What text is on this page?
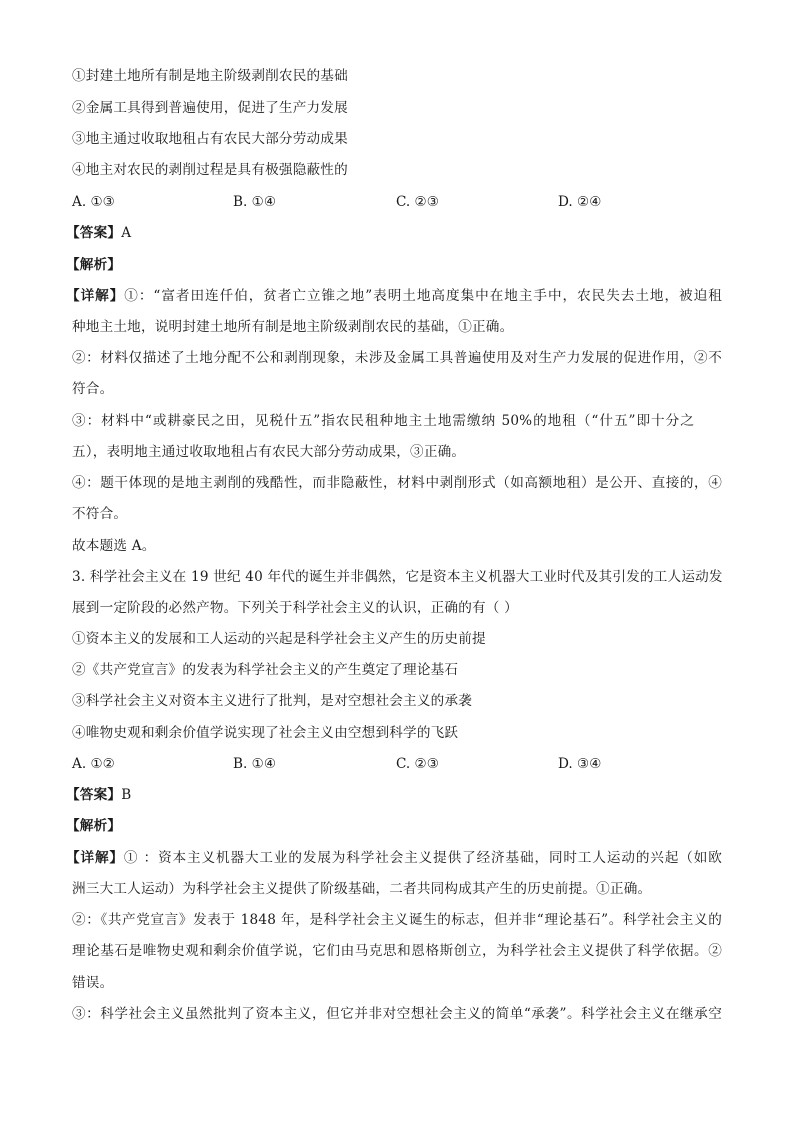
①封建土地所有制是地主阶级剥削农民的基础
②金属工具得到普遍使用，促进了生产力发展
③地主通过收取地租占有农民大部分劳动成果
④地主对农民的剥削过程是具有极强隐蔽性的
A. ①③	B. ①④	C. ②③	D. ②④
【答案】A
【解析】
【详解】①：“富者田连仟伯，贫者亡立锥之地”表明土地高度集中在地主手中，农民失去土地，被迫租
种地主土地，说明封建土地所有制是地主阶级剥削农民的基础，①正确。
②：材料仅描述了土地分配不公和剥削现象，未涉及金属工具普遍使用及对生产力发展的促进作用，②不
符合。
③：材料中“或耕豪民之田，见税什五”指农民租种地主土地需缴纳 50%的地租（“什五”即十分之
五），表明地主通过收取地租占有农民大部分劳动成果，③正确。
④：题干体现的是地主剥削的残酷性，而非隐蔽性，材料中剥削形式（如高额地租）是公开、直接的，④
不符合。
故本题选 A。
3. 科学社会主义在 19 世纪 40 年代的诞生并非偶然，它是资本主义机器大工业时代及其引发的工人运动发
展到一定阶段的必然产物。下列关于科学社会主义的认识，正确的有（ ）
①资本主义的发展和工人运动的兴起是科学社会主义产生的历史前提
②《共产党宣言》的发表为科学社会主义的产生奠定了理论基石
③科学社会主义对资本主义进行了批判，是对空想社会主义的承袭
④唯物史观和剩余价值学说实现了社会主义由空想到科学的飞跃
A. ①②	B. ①④	C. ②③	D. ③④
【答案】B
【解析】
【详解】① ：资本主义机器大工业的发展为科学社会主义提供了经济基础，同时工人运动的兴起（如欧
洲三大工人运动）为科学社会主义提供了阶级基础，二者共同构成其产生的历史前提。①正确。
②：《共产党宣言》发表于 1848 年，是科学社会主义诞生的标志，但并非“理论基石”。科学社会主义的
理论基石是唯物史观和剩余价值学说，它们由马克思和恩格斯创立，为科学社会主义提供了科学依据。②
错误。
③：科学社会主义虽然批判了资本主义，但它并非对空想社会主义的简单“承袭”。科学社会主义在继承空
